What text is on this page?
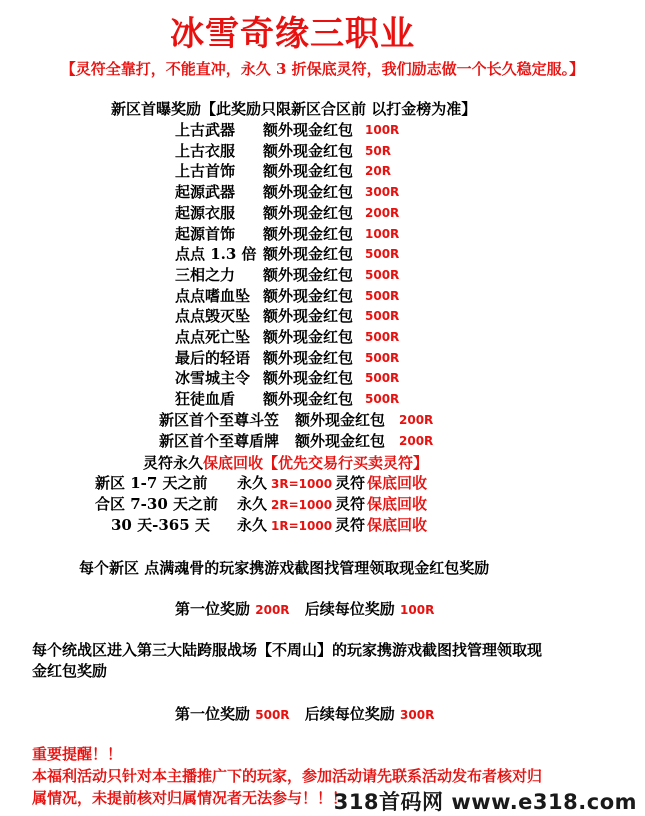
冰雪奇缘三职业
【灵符全靠打，不能直冲，永久 3 折保底灵符，我们励志做一个长久稳定服。】
新区首曝奖励【此奖励只限新区合区前 以打金榜为准】
上古武器 额外现金红包 100R
上古衣服 额外现金红包 50R
上古首饰 额外现金红包 20R
起源武器 额外现金红包 300R
起源衣服 额外现金红包 200R
起源首饰 额外现金红包 100R
点点 1.3 倍 额外现金红包 500R
三相之力 额外现金红包 500R
点点嗜血坠 额外现金红包 500R
点点毁灭坠 额外现金红包 500R
点点死亡坠 额外现金红包 500R
最后的轻语 额外现金红包 500R
冰雪城主令 额外现金红包 500R
狂徒血盾 额外现金红包 500R
新区首个至尊斗笠 额外现金红包 200R
新区首个至尊盾牌 额外现金红包 200R
灵符永久保底回收【优先交易行买卖灵符】
新区 1-7 天之前 永久 3R=1000 灵符 保底回收
合区 7-30 天之前 永久 2R=1000 灵符 保底回收
30 天-365 天 永久 1R=1000 灵符 保底回收
每个新区 点满魂骨的玩家携游戏截图找管理领取现金红包奖励
第一位奖励 200R 后续每位奖励 100R
每个统战区进入第三大陆跨服战场【不周山】的玩家携游戏截图找管理领取现
金红包奖励
第一位奖励 500R 后续每位奖励 300R
重要提醒！！
本福利活动只针对本主播推广下的玩家，参加活动请先联系活动发布者核对归
属情况，未提前核对归属情况者无法参与！！！
318首码网 www.e318.com
